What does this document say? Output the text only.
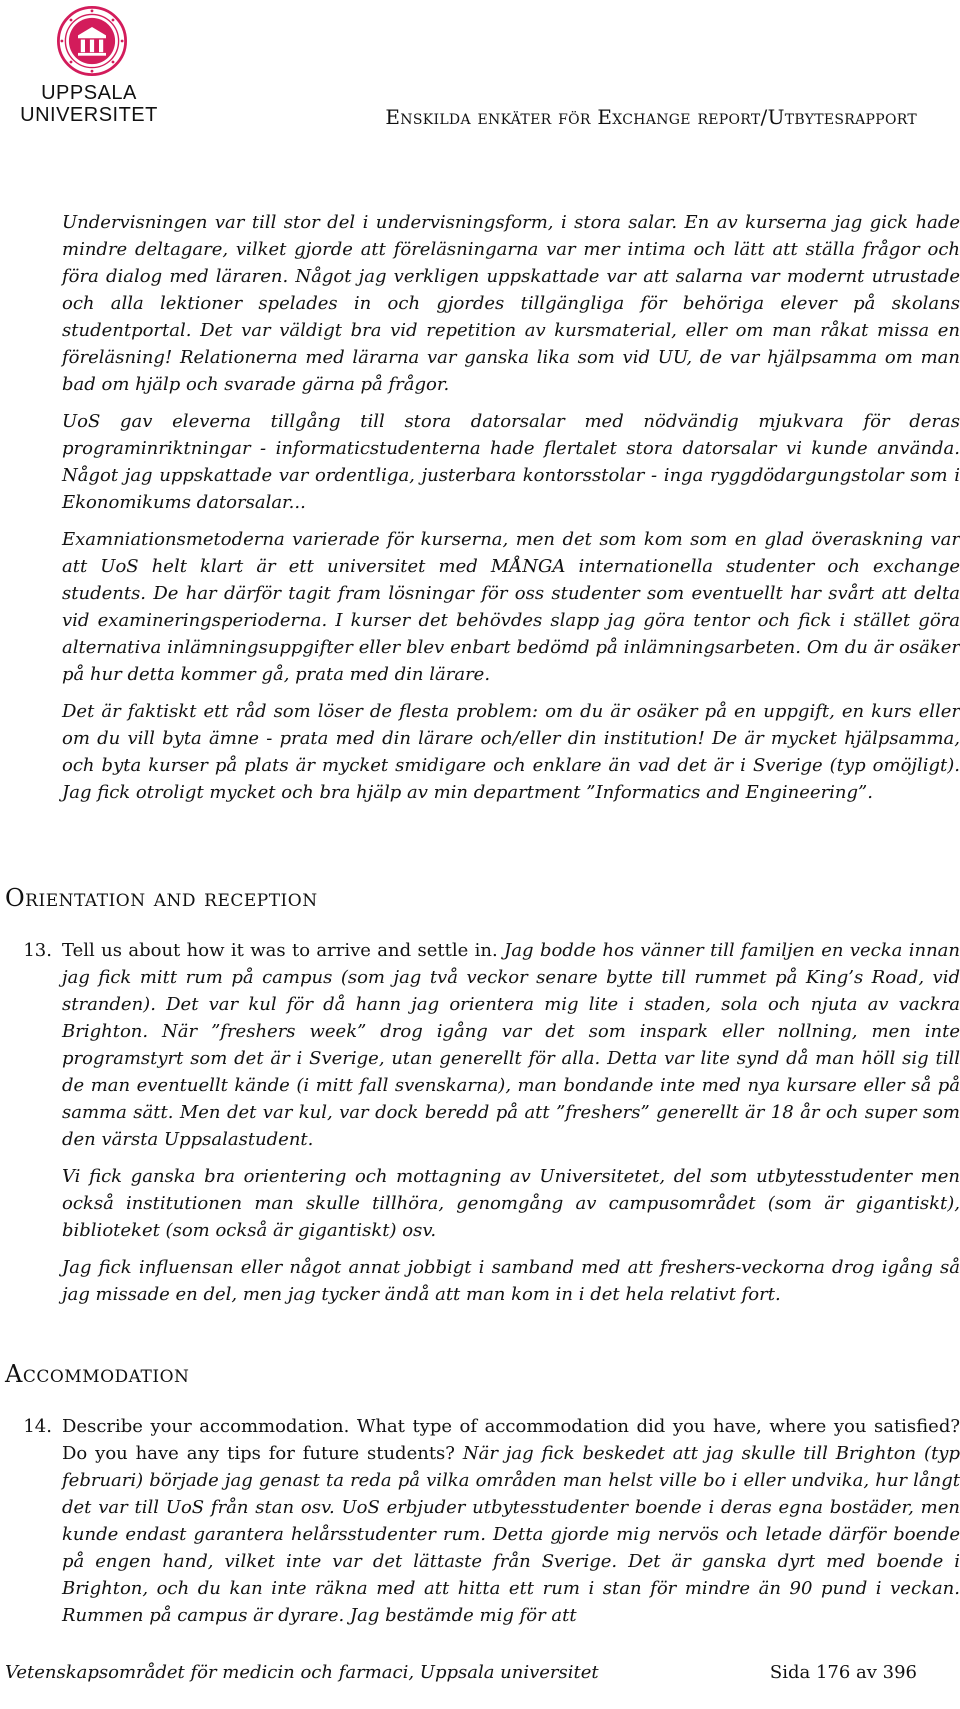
UPPSALA
UNIVERSITET	Enskilda enkäter för Exchange report/Utbytesrapport

Undervisningen var till stor del i undervisningsform, i stora salar. En av kurserna jag gick hade mindre deltagare, vilket gjorde att föreläsningarna var mer intima och lätt att ställa frågor och föra dialog med läraren. Något jag verkligen uppskattade var att salarna var modernt utrustade och alla lektioner spelades in och gjordes tillgängliga för behöriga elever på skolans studentportal. Det var väldigt bra vid repetition av kursmaterial, eller om man råkat missa en föreläsning! Relationerna med lärarna var ganska lika som vid UU, de var hjälpsamma om man bad om hjälp och svarade gärna på frågor.

UoS gav eleverna tillgång till stora datorsalar med nödvändig mjukvara för deras programinriktningar - informaticstudenterna hade flertalet stora datorsalar vi kunde använda. Något jag uppskattade var ordentliga, justerbara kontorsstolar - inga ryggdödargungstolar som i Ekonomikums datorsalar...

Examniationsmetoderna varierade för kurserna, men det som kom som en glad överaskning var att UoS helt klart är ett universitet med MÅNGA internationella studenter och exchange students. De har därför tagit fram lösningar för oss studenter som eventuellt har svårt att delta vid examineringsperioderna. I kurser det behövdes slapp jag göra tentor och fick i stället göra alternativa inlämningsuppgifter eller blev enbart bedömd på inlämningsarbeten. Om du är osäker på hur detta kommer gå, prata med din lärare.

Det är faktiskt ett råd som löser de flesta problem: om du är osäker på en uppgift, en kurs eller om du vill byta ämne - prata med din lärare och/eller din institution! De är mycket hjälpsamma, och byta kurser på plats är mycket smidigare och enklare än vad det är i Sverige (typ omöjligt). Jag fick otroligt mycket och bra hjälp av min department ”Informatics and Engineering”.

Orientation and reception
13. Tell us about how it was to arrive and settle in. Jag bodde hos vänner till familjen en vecka innan jag fick mitt rum på campus (som jag två veckor senare bytte till rummet på King’s Road, vid stranden). Det var kul för då hann jag orientera mig lite i staden, sola och njuta av vackra Brighton. När ”freshers week” drog igång var det som inspark eller nollning, men inte programstyrt som det är i Sverige, utan generellt för alla. Detta var lite synd då man höll sig till de man eventuellt kände (i mitt fall svenskarna), man bondande inte med nya kursare eller så på samma sätt. Men det var kul, var dock beredd på att ”freshers” generellt är 18 år och super som den värsta Uppsalastudent.

Vi fick ganska bra orientering och mottagning av Universitetet, del som utbytesstudenter men också institutionen man skulle tillhöra, genomgång av campusområdet (som är gigantiskt), biblioteket (som också är gigantiskt) osv.

Jag fick influensan eller något annat jobbigt i samband med att freshers-veckorna drog igång så jag missade en del, men jag tycker ändå att man kom in i det hela relativt fort.

Accommodation
14. Describe your accommodation. What type of accommodation did you have, where you satisfied? Do you have any tips for future students? När jag fick beskedet att jag skulle till Brighton (typ februari) började jag genast ta reda på vilka områden man helst ville bo i eller undvika, hur långt det var till UoS från stan osv. UoS erbjuder utbytesstudenter boende i deras egna bostäder, men kunde endast garantera helårsstudenter rum. Detta gjorde mig nervös och letade därför boende på engen hand, vilket inte var det lättaste från Sverige. Det är ganska dyrt med boende i Brighton, och du kan inte räkna med att hitta ett rum i stan för mindre än 90 pund i veckan. Rummen på campus är dyrare. Jag bestämde mig för att

Vetenskapsområdet för medicin och farmaci, Uppsala universitet	Sida 176 av 396
